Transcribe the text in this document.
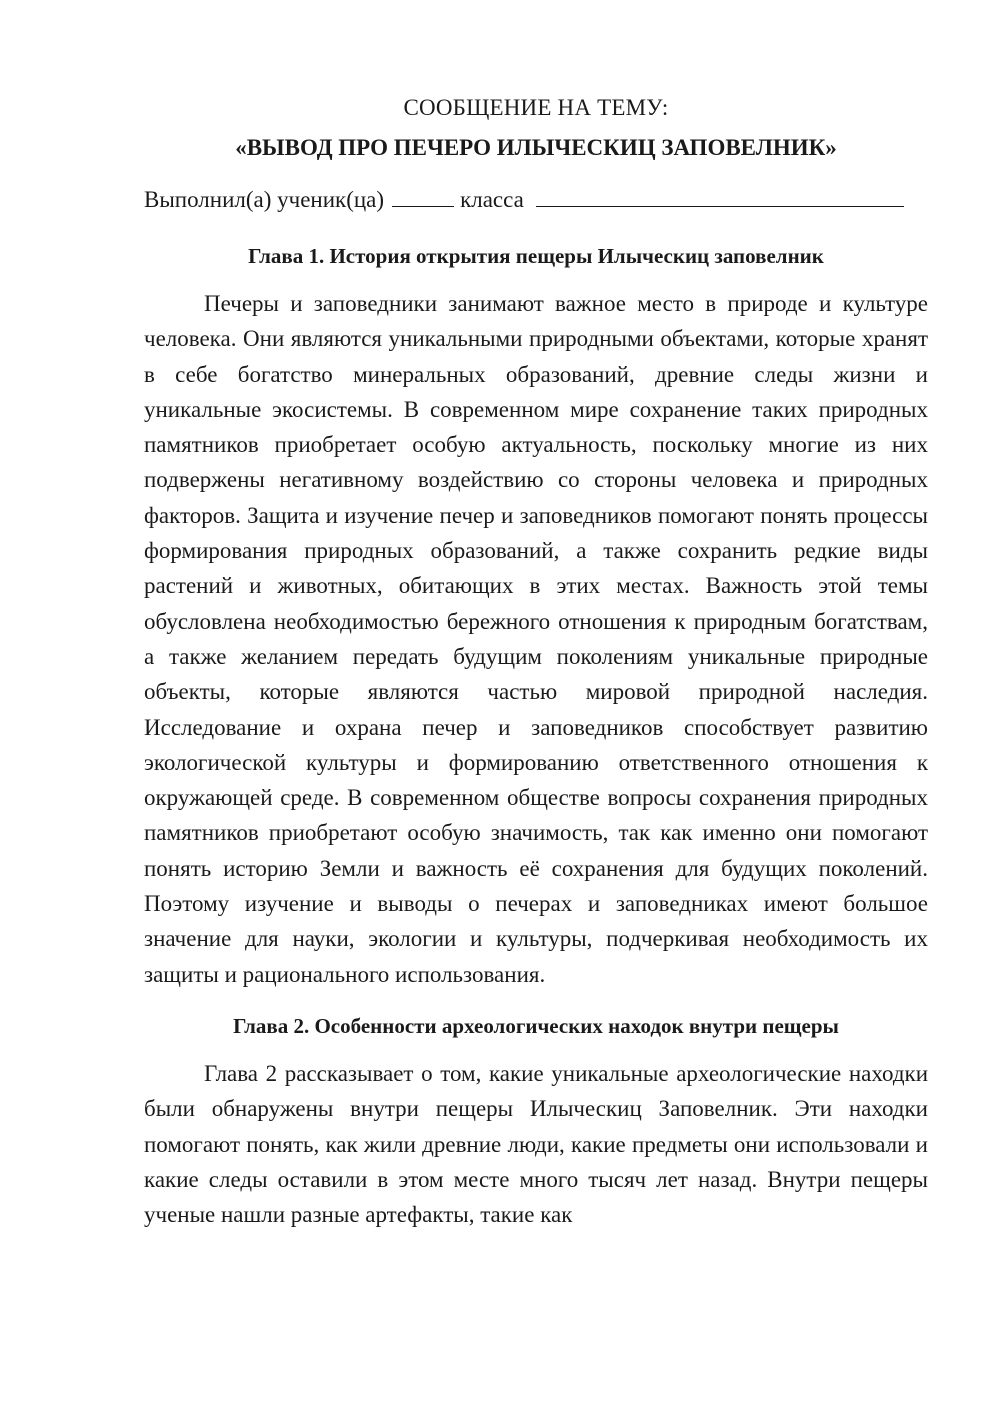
СООБЩЕНИЕ НА ТЕМУ:

«ВЫВОД ПРО ПЕЧЕРО ИЛЫЧЕСКИЦ ЗАПОВЕЛНИК»

Выполнил(а) ученик(ца)	класса

Глава 1. История открытия пещеры Илыческиц заповелник

Печеры и заповедники занимают важное место в природе и культуре человека. Они являются уникальными природными объектами, которые хранят в себе богатство минеральных образований, древние следы жизни и уникальные экосистемы. В современном мире сохранение таких природных памятников приобретает особую актуальность, поскольку многие из них подвержены негативному воздействию со стороны человека и природных факторов. Защита и изучение печер и заповедников помогают понять процессы формирования природных образований, а также сохранить редкие виды растений и животных, обитающих в этих местах. Важность этой темы обусловлена необходимостью бережного отношения к природным богатствам, а также желанием передать будущим поколениям уникальные природные объекты, которые являются частью мировой природной наследия. Исследование и охрана печер и заповедников способствует развитию экологической культуры и формированию ответственного отношения к окружающей среде. В современном обществе вопросы сохранения природных памятников приобретают особую значимость, так как именно они помогают понять историю Земли и важность её сохранения для будущих поколений. Поэтому изучение и выводы о печерах и заповедниках имеют большое значение для науки, экологии и культуры, подчеркивая необходимость их защиты и рационального использования.

Глава 2. Особенности археологических находок внутри пещеры

Глава 2 рассказывает о том, какие уникальные археологические находки были обнаружены внутри пещеры Илыческиц Заповелник. Эти находки помогают понять, как жили древние люди, какие предметы они использовали и какие следы оставили в этом месте много тысяч лет назад. Внутри пещеры ученые нашли разные артефакты, такие как
